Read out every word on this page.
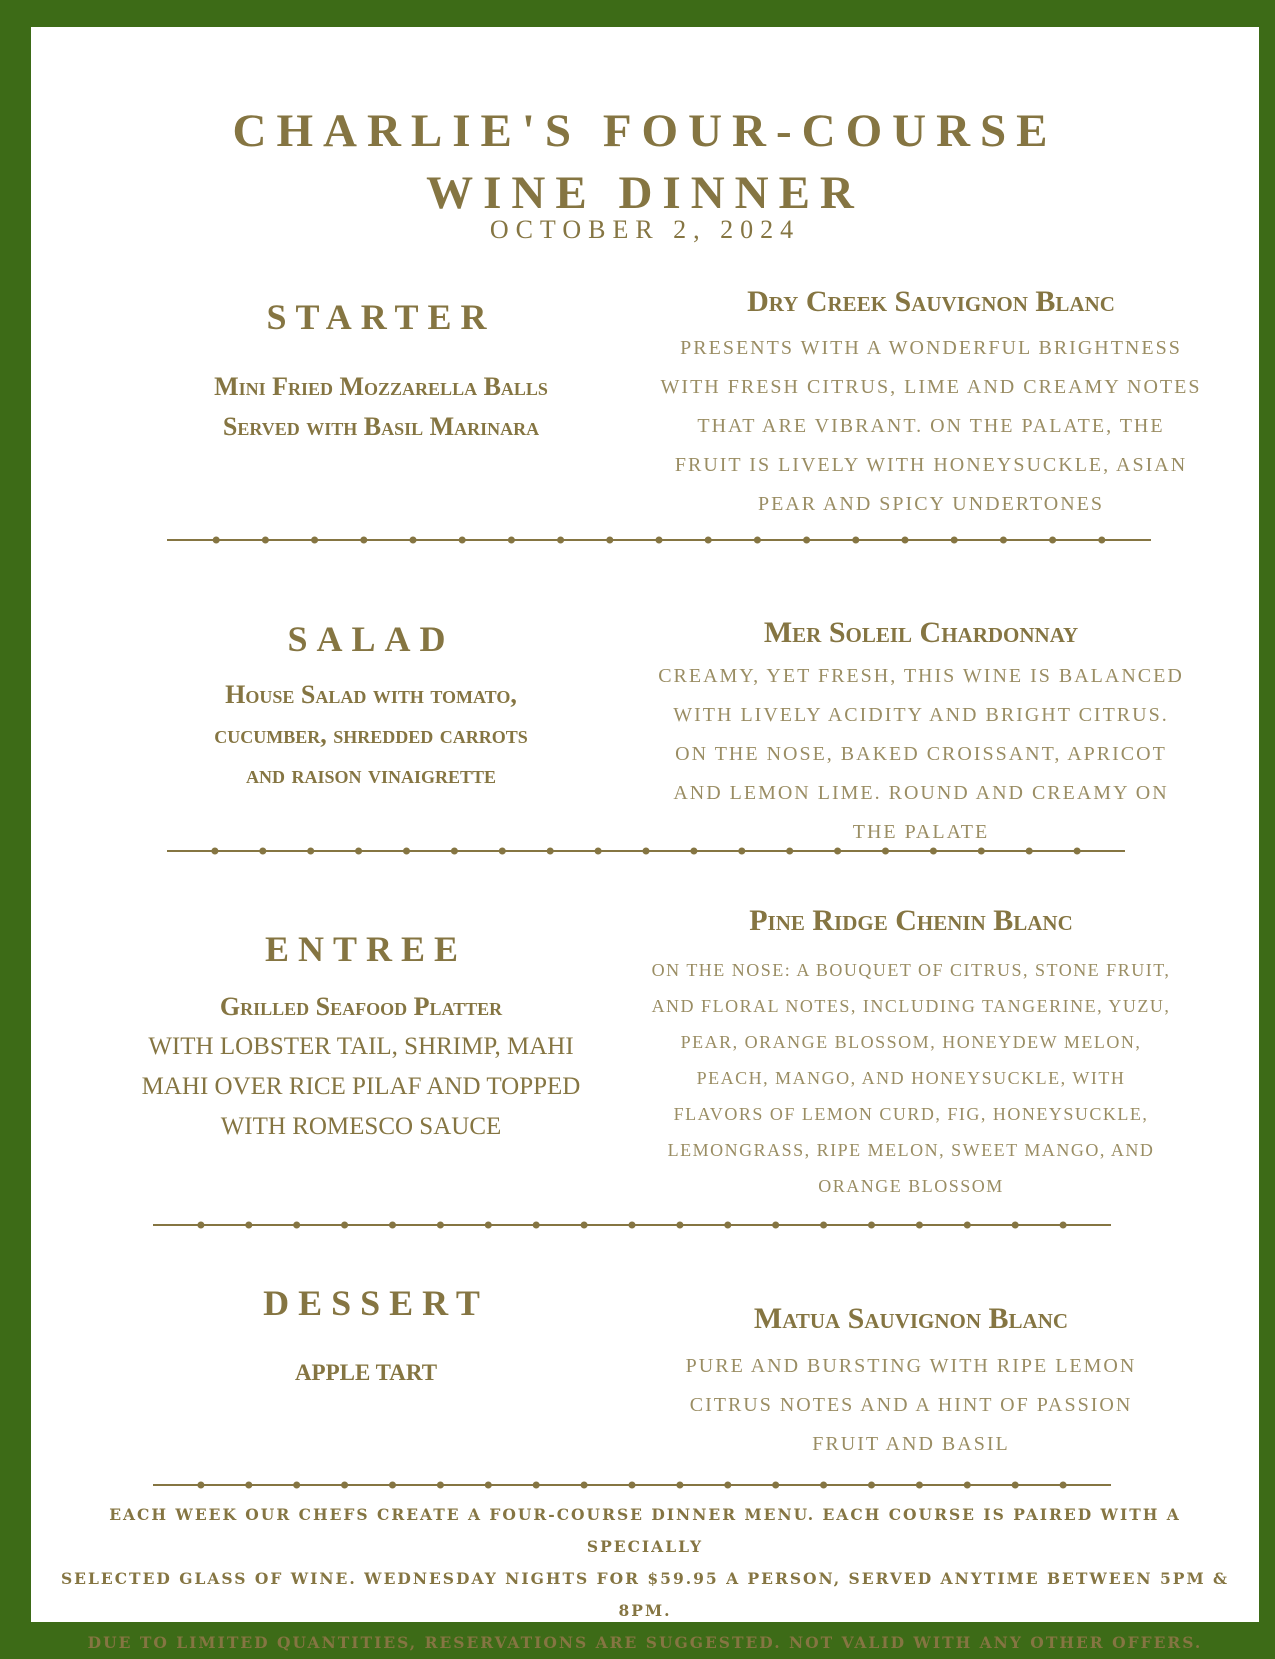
CHARLIE'S FOUR-COURSE
WINE DINNER
OCTOBER 2, 2024
STARTER
Mini Fried Mozzarella Balls
Served with Basil Marinara
Dry Creek Sauvignon Blanc
PRESENTS WITH A WONDERFUL BRIGHTNESS
WITH FRESH CITRUS, LIME AND CREAMY NOTES
THAT ARE VIBRANT. ON THE PALATE, THE
FRUIT IS LIVELY WITH HONEYSUCKLE, ASIAN
PEAR AND SPICY UNDERTONES
SALAD
House Salad with tomato,
cucumber, shredded carrots
and raison vinaigrette
Mer Soleil Chardonnay
CREAMY, YET FRESH, THIS WINE IS BALANCED
WITH LIVELY ACIDITY AND BRIGHT CITRUS.
ON THE NOSE, BAKED CROISSANT, APRICOT
AND LEMON LIME. ROUND AND CREAMY ON
THE PALATE
ENTREE
Grilled Seafood Platter
WITH LOBSTER TAIL, SHRIMP, MAHI
MAHI OVER RICE PILAF AND TOPPED
WITH ROMESCO SAUCE
Pine Ridge Chenin Blanc
ON THE NOSE: A BOUQUET OF CITRUS, STONE FRUIT,
AND FLORAL NOTES, INCLUDING TANGERINE, YUZU,
PEAR, ORANGE BLOSSOM, HONEYDEW MELON,
PEACH, MANGO, AND HONEYSUCKLE, WITH
FLAVORS OF LEMON CURD, FIG, HONEYSUCKLE,
LEMONGRASS, RIPE MELON, SWEET MANGO, AND
ORANGE BLOSSOM
DESSERT
APPLE TART
Matua Sauvignon Blanc
PURE AND BURSTING WITH RIPE LEMON
CITRUS NOTES AND A HINT OF PASSION
FRUIT AND BASIL
EACH WEEK OUR CHEFS CREATE A FOUR-COURSE DINNER MENU. EACH COURSE IS PAIRED WITH A SPECIALLY
SELECTED GLASS OF WINE. WEDNESDAY NIGHTS FOR $59.95 A PERSON, SERVED ANYTIME BETWEEN 5PM & 8PM.
DUE TO LIMITED QUANTITIES, RESERVATIONS ARE SUGGESTED. NOT VALID WITH ANY OTHER OFFERS.
